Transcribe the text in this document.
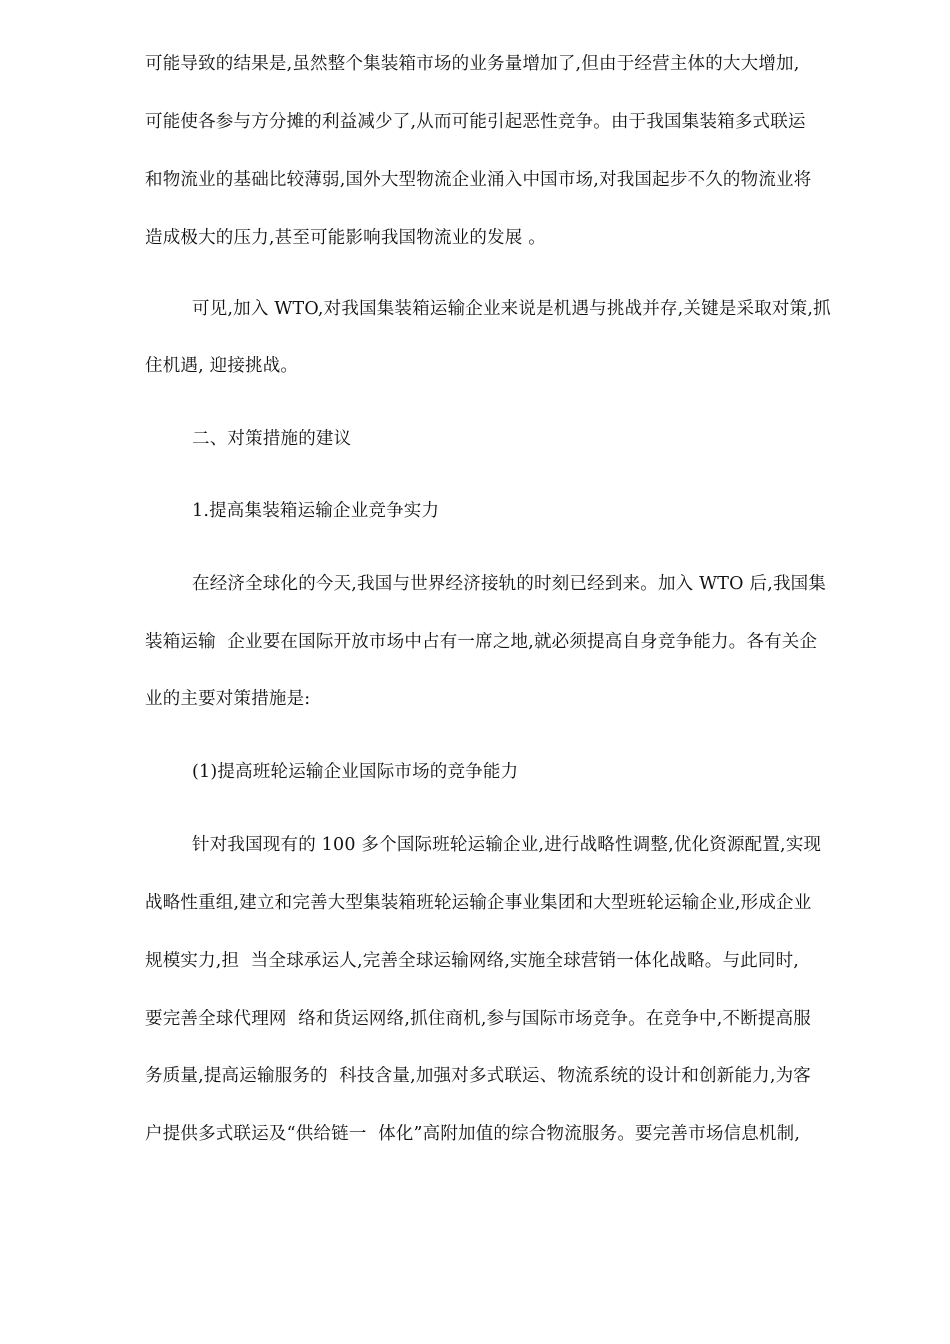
可能导致的结果是,虽然整个集装箱市场的业务量增加了,但由于经营主体的大大增加,
可能使各参与方分摊的利益减少了,从而可能引起恶性竞争。由于我国集装箱多式联运
和物流业的基础比较薄弱,国外大型物流企业涌入中国市场,对我国起步不久的物流业将
造成极大的压力,甚至可能影响我国物流业的发展 。
可见,加入 WTO,对我国集装箱运输企业来说是机遇与挑战并存,关键是采取对策,抓
住机遇, 迎接挑战。
二、对策措施的建议
1.提高集装箱运输企业竞争实力
在经济全球化的今天,我国与世界经济接轨的时刻已经到来。加入 WTO 后,我国集
装箱运输  企业要在国际开放市场中占有一席之地,就必须提高自身竞争能力。各有关企
业的主要对策措施是:
(1)提高班轮运输企业国际市场的竞争能力
针对我国现有的 100 多个国际班轮运输企业,进行战略性调整,优化资源配置,实现
战略性重组,建立和完善大型集装箱班轮运输企事业集团和大型班轮运输企业,形成企业
规模实力,担  当全球承运人,完善全球运输网络,实施全球营销一体化战略。与此同时,
要完善全球代理网  络和货运网络,抓住商机,参与国际市场竞争。在竞争中,不断提高服
务质量,提高运输服务的  科技含量,加强对多式联运、物流系统的设计和创新能力,为客
户提供多式联运及“供给链一  体化”高附加值的综合物流服务。要完善市场信息机制,
